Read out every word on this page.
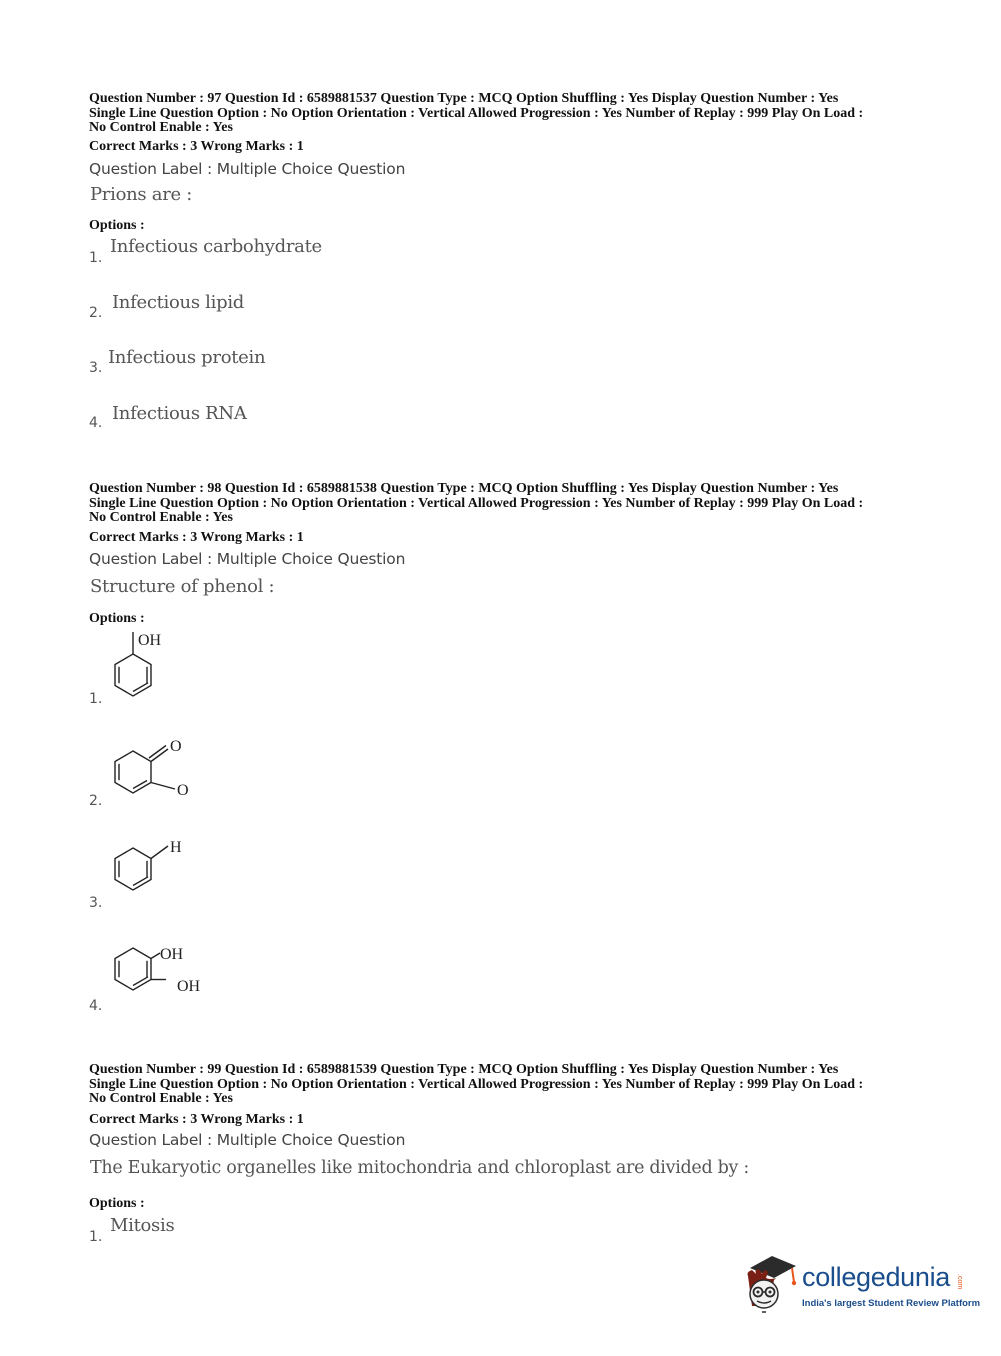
Question Number : 97 Question Id : 6589881537 Question Type : MCQ Option Shuffling : Yes Display Question Number : Yes
Single Line Question Option : No Option Orientation : Vertical Allowed Progression : Yes Number of Replay : 999 Play On Load :
No Control Enable : Yes
Correct Marks : 3 Wrong Marks : 1
Question Label : Multiple Choice Question
Prions are :
Options :
1.
Infectious carbohydrate
2. Infectious lipid
3. Infectious protein
4. Infectious RNA
Question Number : 98 Question Id : 6589881538 Question Type : MCQ Option Shuffling : Yes Display Question Number : Yes
Single Line Question Option : No Option Orientation : Vertical Allowed Progression : Yes Number of Replay : 999 Play On Load :
No Control Enable : Yes
Correct Marks : 3 Wrong Marks : 1
Question Label : Multiple Choice Question
Structure of phenol :
Options :
1.
OH
2.
O
O
3.
H
4.
OH
OH
Question Number : 99 Question Id : 6589881539 Question Type : MCQ Option Shuffling : Yes Display Question Number : Yes
Single Line Question Option : No Option Orientation : Vertical Allowed Progression : Yes Number of Replay : 999 Play On Load :
No Control Enable : Yes
Correct Marks : 3 Wrong Marks : 1
Question Label : Multiple Choice Question
The Eukaryotic organelles like mitochondria and chloroplast are divided by :
Options :
1.
Mitosis
collegedunia .com
India's largest Student Review Platform
